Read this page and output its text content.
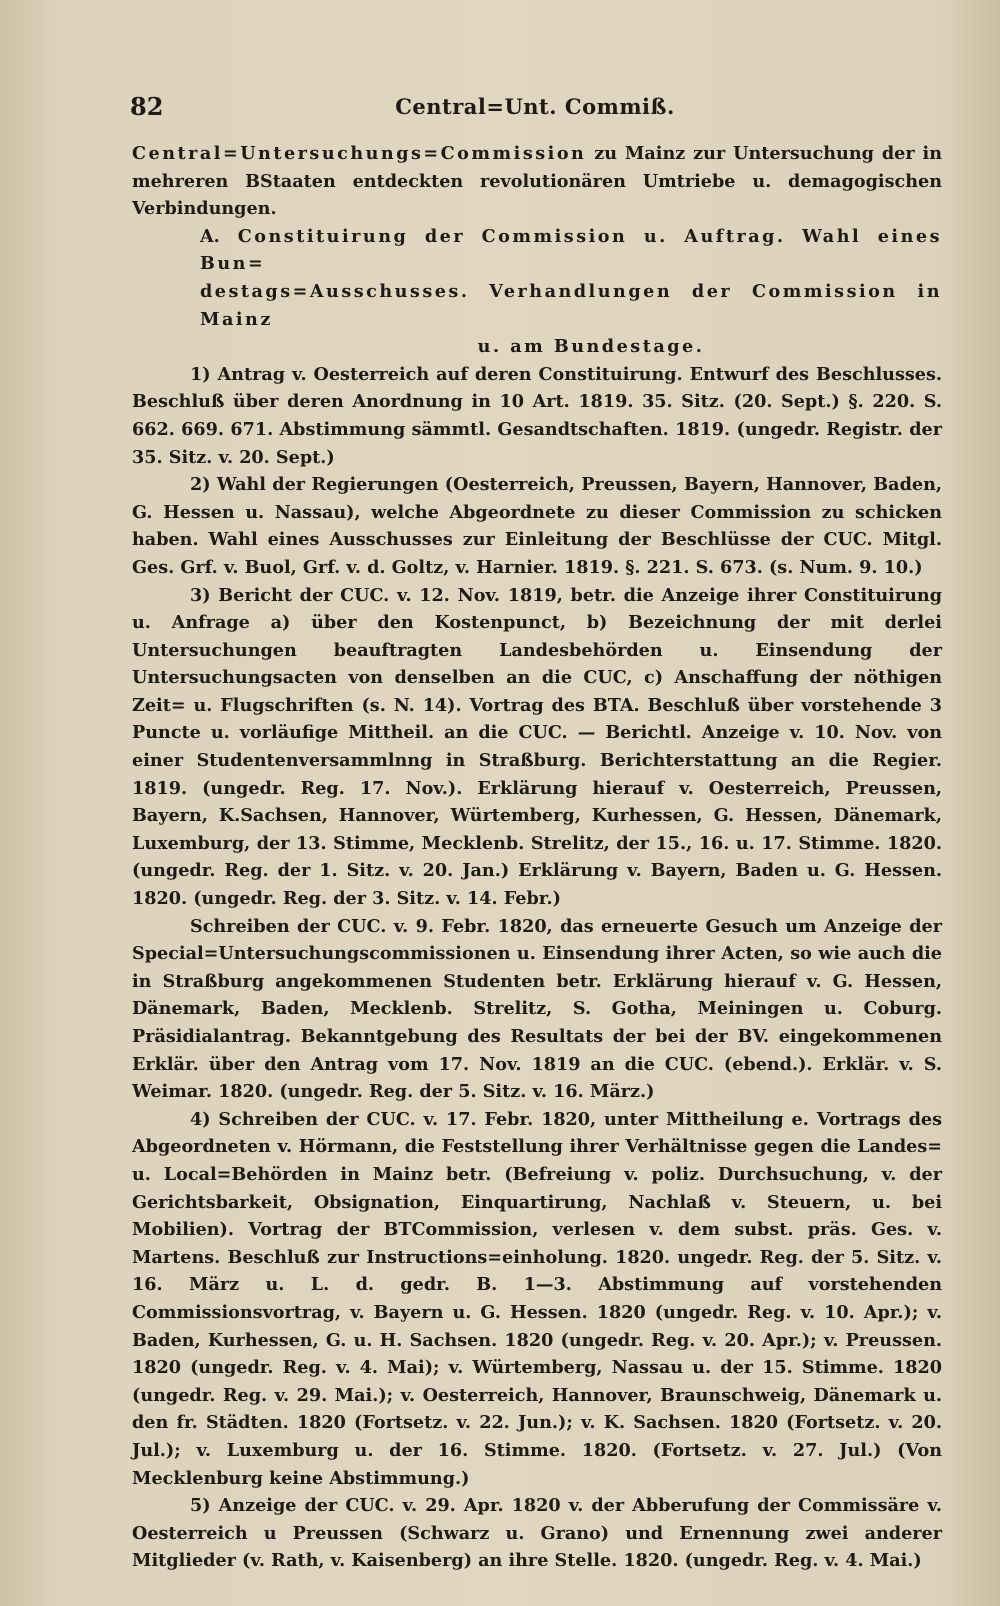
82	Central=Unt. Commiß.

Central=Untersuchungs=Commission zu Mainz zur Untersuchung der in mehreren BStaaten entdeckten revolutionären Umtriebe u. demagogischen Verbindungen.

A. Constituirung der Commission u. Auftrag. Wahl eines Bun=
destags=Ausschusses. Verhandlungen der Commission in Mainz
u. am Bundestage.

1) Antrag v. Oesterreich auf deren Constituirung. Entwurf des Beschlusses. Beschluß über deren Anordnung in 10 Art. 1819. 35. Sitz. (20. Sept.) §. 220. S. 662. 669. 671. Abstimmung sämmtl. Gesandtschaften. 1819. (ungedr. Registr. der 35. Sitz. v. 20. Sept.)

2) Wahl der Regierungen (Oesterreich, Preussen, Bayern, Hannover, Baden, G. Hessen u. Nassau), welche Abgeordnete zu dieser Commission zu schicken haben. Wahl eines Ausschusses zur Einleitung der Beschlüsse der CUC. Mitgl. Ges. Grf. v. Buol, Grf. v. d. Goltz, v. Harnier. 1819. §. 221. S. 673. (s. Num. 9. 10.)

3) Bericht der CUC. v. 12. Nov. 1819, betr. die Anzeige ihrer Constituirung u. Anfrage a) über den Kostenpunct, b) Bezeichnung der mit derlei Untersuchungen beauftragten Landesbehörden u. Einsendung der Untersuchungsacten von denselben an die CUC, c) Anschaffung der nöthigen Zeit= u. Flugschriften (s. N. 14). Vortrag des BTA. Beschluß über vorstehende 3 Puncte u. vorläufige Mittheil. an die CUC. — Berichtl. Anzeige v. 10. Nov. von einer Studentenversammlnng in Straßburg. Berichterstattung an die Regier. 1819. (ungedr. Reg. 17. Nov.). Erklärung hierauf v. Oesterreich, Preussen, Bayern, K.Sachsen, Hannover, Würtemberg, Kurhessen, G. Hessen, Dänemark, Luxemburg, der 13. Stimme, Mecklenb. Strelitz, der 15., 16. u. 17. Stimme. 1820. (ungedr. Reg. der 1. Sitz. v. 20. Jan.) Erklärung v. Bayern, Baden u. G. Hessen. 1820. (ungedr. Reg. der 3. Sitz. v. 14. Febr.)

Schreiben der CUC. v. 9. Febr. 1820, das erneuerte Gesuch um Anzeige der Special=Untersuchungscommissionen u. Einsendung ihrer Acten, so wie auch die in Straßburg angekommenen Studenten betr. Erklärung hierauf v. G. Hessen, Dänemark, Baden, Mecklenb. Strelitz, S. Gotha, Meiningen u. Coburg. Präsidialantrag. Bekanntgebung des Resultats der bei der BV. eingekommenen Erklär. über den Antrag vom 17. Nov. 1819 an die CUC. (ebend.). Erklär. v. S. Weimar. 1820. (ungedr. Reg. der 5. Sitz. v. 16. März.)

4) Schreiben der CUC. v. 17. Febr. 1820, unter Mittheilung e. Vortrags des Abgeordneten v. Hörmann, die Feststellung ihrer Verhältnisse gegen die Landes= u. Local=Behörden in Mainz betr. (Befreiung v. poliz. Durchsuchung, v. der Gerichtsbarkeit, Obsignation, Einquartirung, Nachlaß v. Steuern, u. bei Mobilien). Vortrag der BTCommission, verlesen v. dem subst. präs. Ges. v. Martens. Beschluß zur Instructions=einholung. 1820. ungedr. Reg. der 5. Sitz. v. 16. März u. L. d. gedr. B. 1—3. Abstimmung auf vorstehenden Commissionsvortrag, v. Bayern u. G. Hessen. 1820 (ungedr. Reg. v. 10. Apr.); v. Baden, Kurhessen, G. u. H. Sachsen. 1820 (ungedr. Reg. v. 20. Apr.); v. Preussen. 1820 (ungedr. Reg. v. 4. Mai); v. Würtemberg, Nassau u. der 15. Stimme. 1820 (ungedr. Reg. v. 29. Mai.); v. Oesterreich, Hannover, Braunschweig, Dänemark u. den fr. Städten. 1820 (Fortsetz. v. 22. Jun.); v. K. Sachsen. 1820 (Fortsetz. v. 20. Jul.); v. Luxemburg u. der 16. Stimme. 1820. (Fortsetz. v. 27. Jul.) (Von Mecklenburg keine Abstimmung.)

5) Anzeige der CUC. v. 29. Apr. 1820 v. der Abberufung der Commissäre v. Oesterreich u Preussen (Schwarz u. Grano) und Ernennung zwei anderer Mitglieder (v. Rath, v. Kaisenberg) an ihre Stelle. 1820. (ungedr. Reg. v. 4. Mai.)
